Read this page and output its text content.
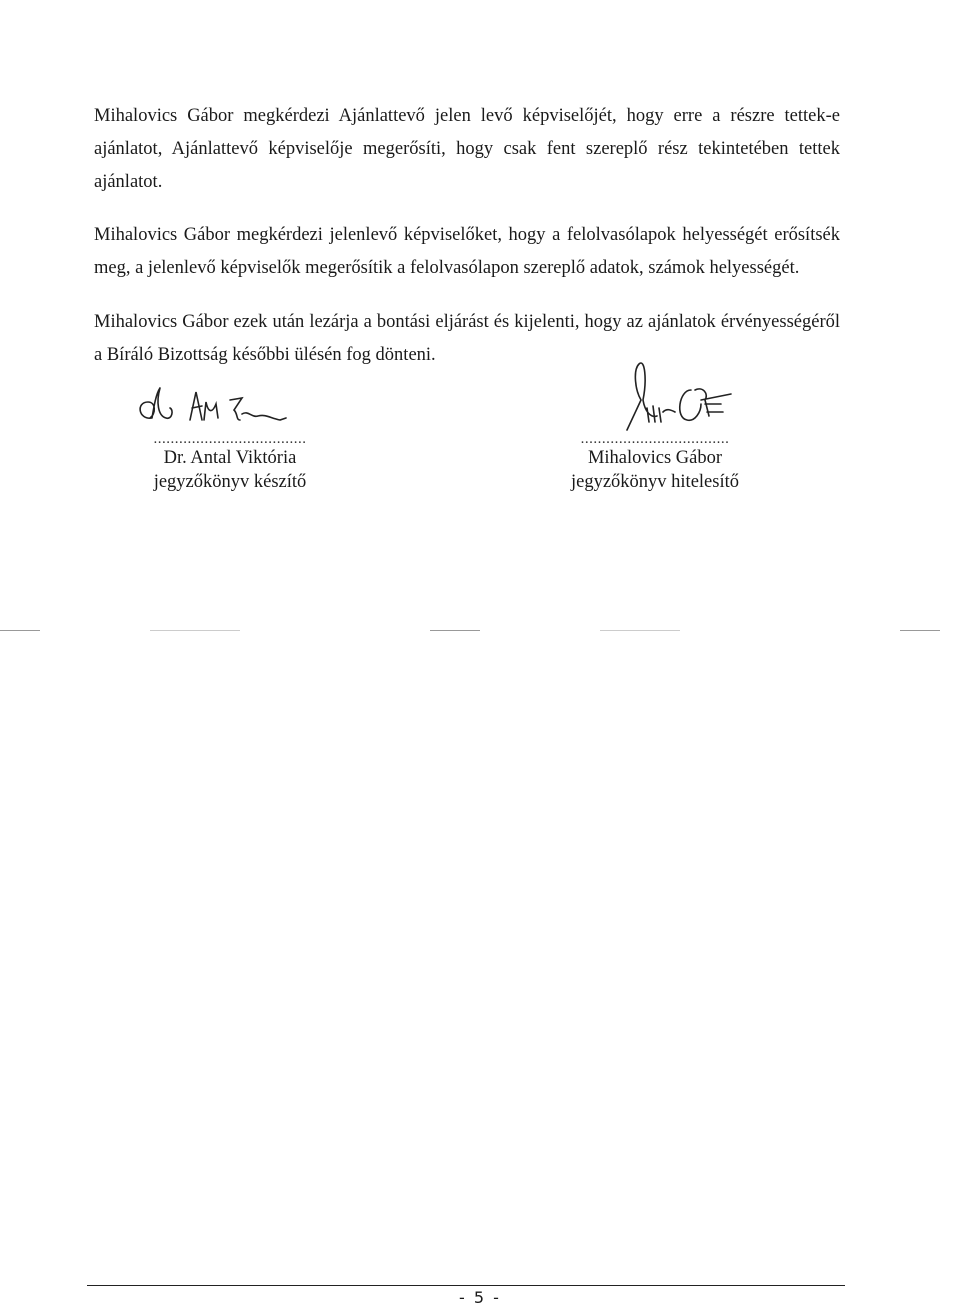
Mihalovics Gábor megkérdezi Ajánlattevő jelen levő képviselőjét, hogy erre a részre tettek-e ajánlatot, Ajánlattevő képviselője megerősíti, hogy csak fent szereplő rész tekintetében tettek ajánlatot.

Mihalovics Gábor megkérdezi jelenlevő képviselőket, hogy a felolvasólapok helyességét erősítsék meg, a jelenlevő képviselők megerősítik a felolvasólapon szereplő adatok, számok helyességét.

Mihalovics Gábor ezek után lezárja a bontási eljárást és kijelenti, hogy az ajánlatok érvényességéről a Bíráló Bizottság későbbi ülésén fog dönteni.

....................................
Dr. Antal Viktória
jegyzőkönyv készítő
...................................
Mihalovics Gábor
jegyzőkönyv hitelesítő
- 5 -
